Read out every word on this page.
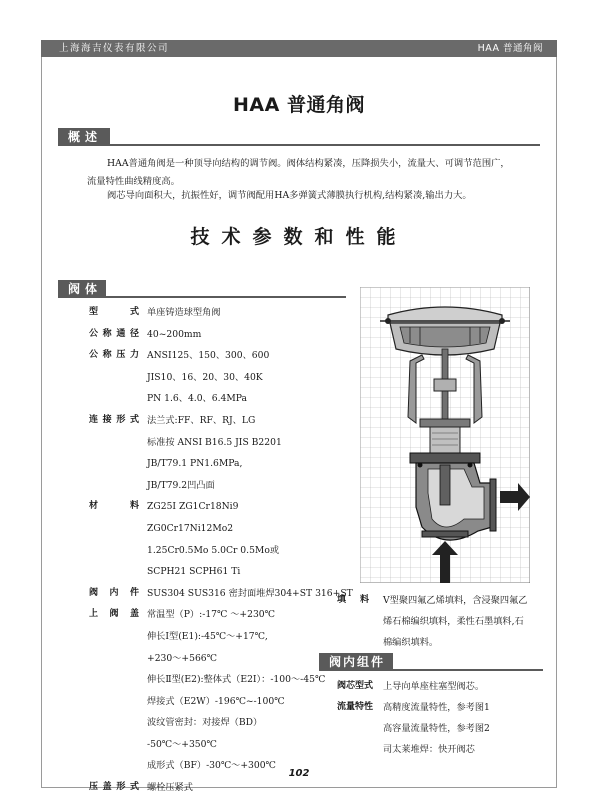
上海海吉仪表有限公司	HAA 普通角阀
HAA 普通角阀
概述

HAA普通角阀是一种顶导向结构的调节阀。阀体结构紧凑，压降损失小，流量大、可调节范围广，
流量特性曲线精度高。

阀芯导向面积大，抗振性好，调节阀配用HA多弹簧式薄膜执行机构,结构紧凑,输出力大。

技术参数和性能
阀体
型　　式 单座铸造球型角阀
公称通径 40~200mm
公称压力 ANSI125、150、300、600
JIS10、16、20、30、40K
PN 1.6、4.0、6.4MPa
连接形式 法兰式:FF、RF、RJ、LG
标准按 ANSI B16.5 JIS B2201
JB/T79.1 PN1.6MPa,
JB/T79.2凹凸面
材　　料 ZG25I ZG1Cr18Ni9
ZG0Cr17Ni12Mo2
1.25Cr0.5Mo 5.0Cr 0.5Mo或
SCPH21 SCPH61 Ti
阀 内 件 SUS304 SUS316 密封面堆焊304+ST 316+ST
上 阀 盖 常温型（P）:-17℃ ～+230℃
伸长I型(E1):-45℃～+17℃,
+230～+566℃
伸长Ⅱ型(E2):整体式（E2I）：-100～-45℃
焊接式（E2W）-196℃~-100℃
波纹管密封：对接焊（BD）
-50℃～+350℃
成形式（BF）-30℃～+300℃
压盖形式 螺栓压紧式
填　料 V型聚四氟乙烯填料，含浸聚四氟乙
烯石棉编织填料，柔性石墨填料,石
棉编织填料。
阀内组件
阀芯型式	上导向单座柱塞型阀芯。
流量特性	高精度流量特性，参考图1
高容量流量特性，参考图2
司太莱堆焊：快开阀芯
102
